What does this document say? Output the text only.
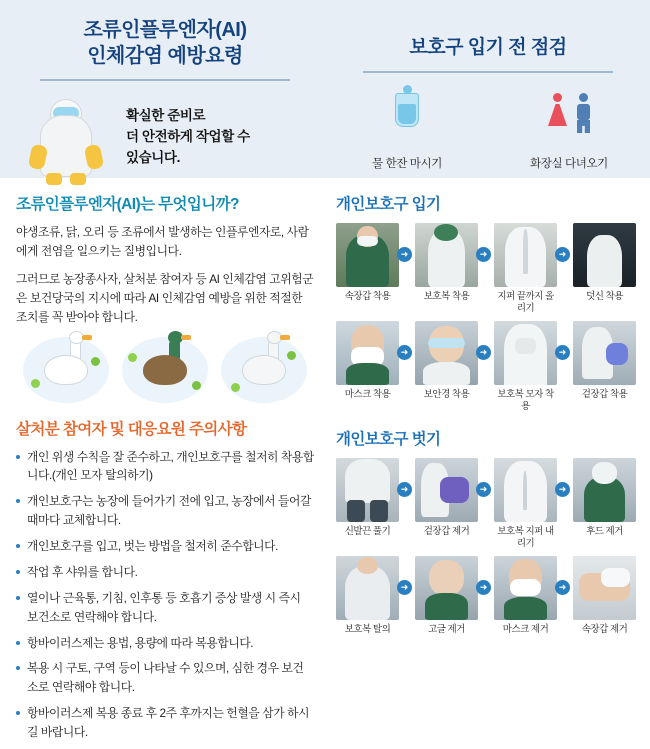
조류인플루엔자(AI)
인체감염 예방요령
확실한 준비로
더 안전하게 작업할 수
있습니다.
보호구 입기 전 점검
물 한잔 마시기	화장실 다녀오기
조류인플루엔자(AI)는 무엇입니까?

야생조류, 닭, 오리 등 조류에서 발생하는 인플루엔자로, 사람에게 전염을 일으키는 질병입니다.

그러므로 농장종사자, 살처분 참여자 등 AI 인체감염 고위험군은 보건당국의 지시에 따라 AI 인체감염 예방을 위한 적절한 조치를 꼭 받아야 합니다.

살처분 참여자 및 대응요원 주의사항
개인 위생 수칙을 잘 준수하고, 개인보호구를 철저히 착용합니다.(개인 모자 탈의하기)
개인보호구는 농장에 들어가기 전에 입고, 농장에서 들어갈 때마다 교체합니다.
개인보호구를 입고, 벗는 방법을 철저히 준수합니다.
작업 후 샤워를 합니다.
열이나 근육통, 기침, 인후통 등 호흡기 증상 발생 시 즉시 보건소로 연락해야 합니다.
항바이러스제는 용법, 용량에 따라 복용합니다.
복용 시 구토, 구역 등이 나타날 수 있으며, 심한 경우 보건소로 연락해야 합니다.
항바이러스제 복용 종료 후 2주 후까지는 헌혈을 삼가 하시길 바랍니다.
개인보호구 입기
속장갑 착용
➜
보호복 착용
➜
지퍼 끝까지 올리기
➜
덧신 착용
마스크 착용
➜
보안경 착용
➜
보호복 모자 착용
➜
겉장갑 착용
개인보호구 벗기
신발끈 풀기
➜
겉장갑 제거
➜
보호복 지퍼 내리기
➜
후드 제거
보호복 탈의
➜
고글 제거
➜
마스크 제거
➜
속장갑 제거
